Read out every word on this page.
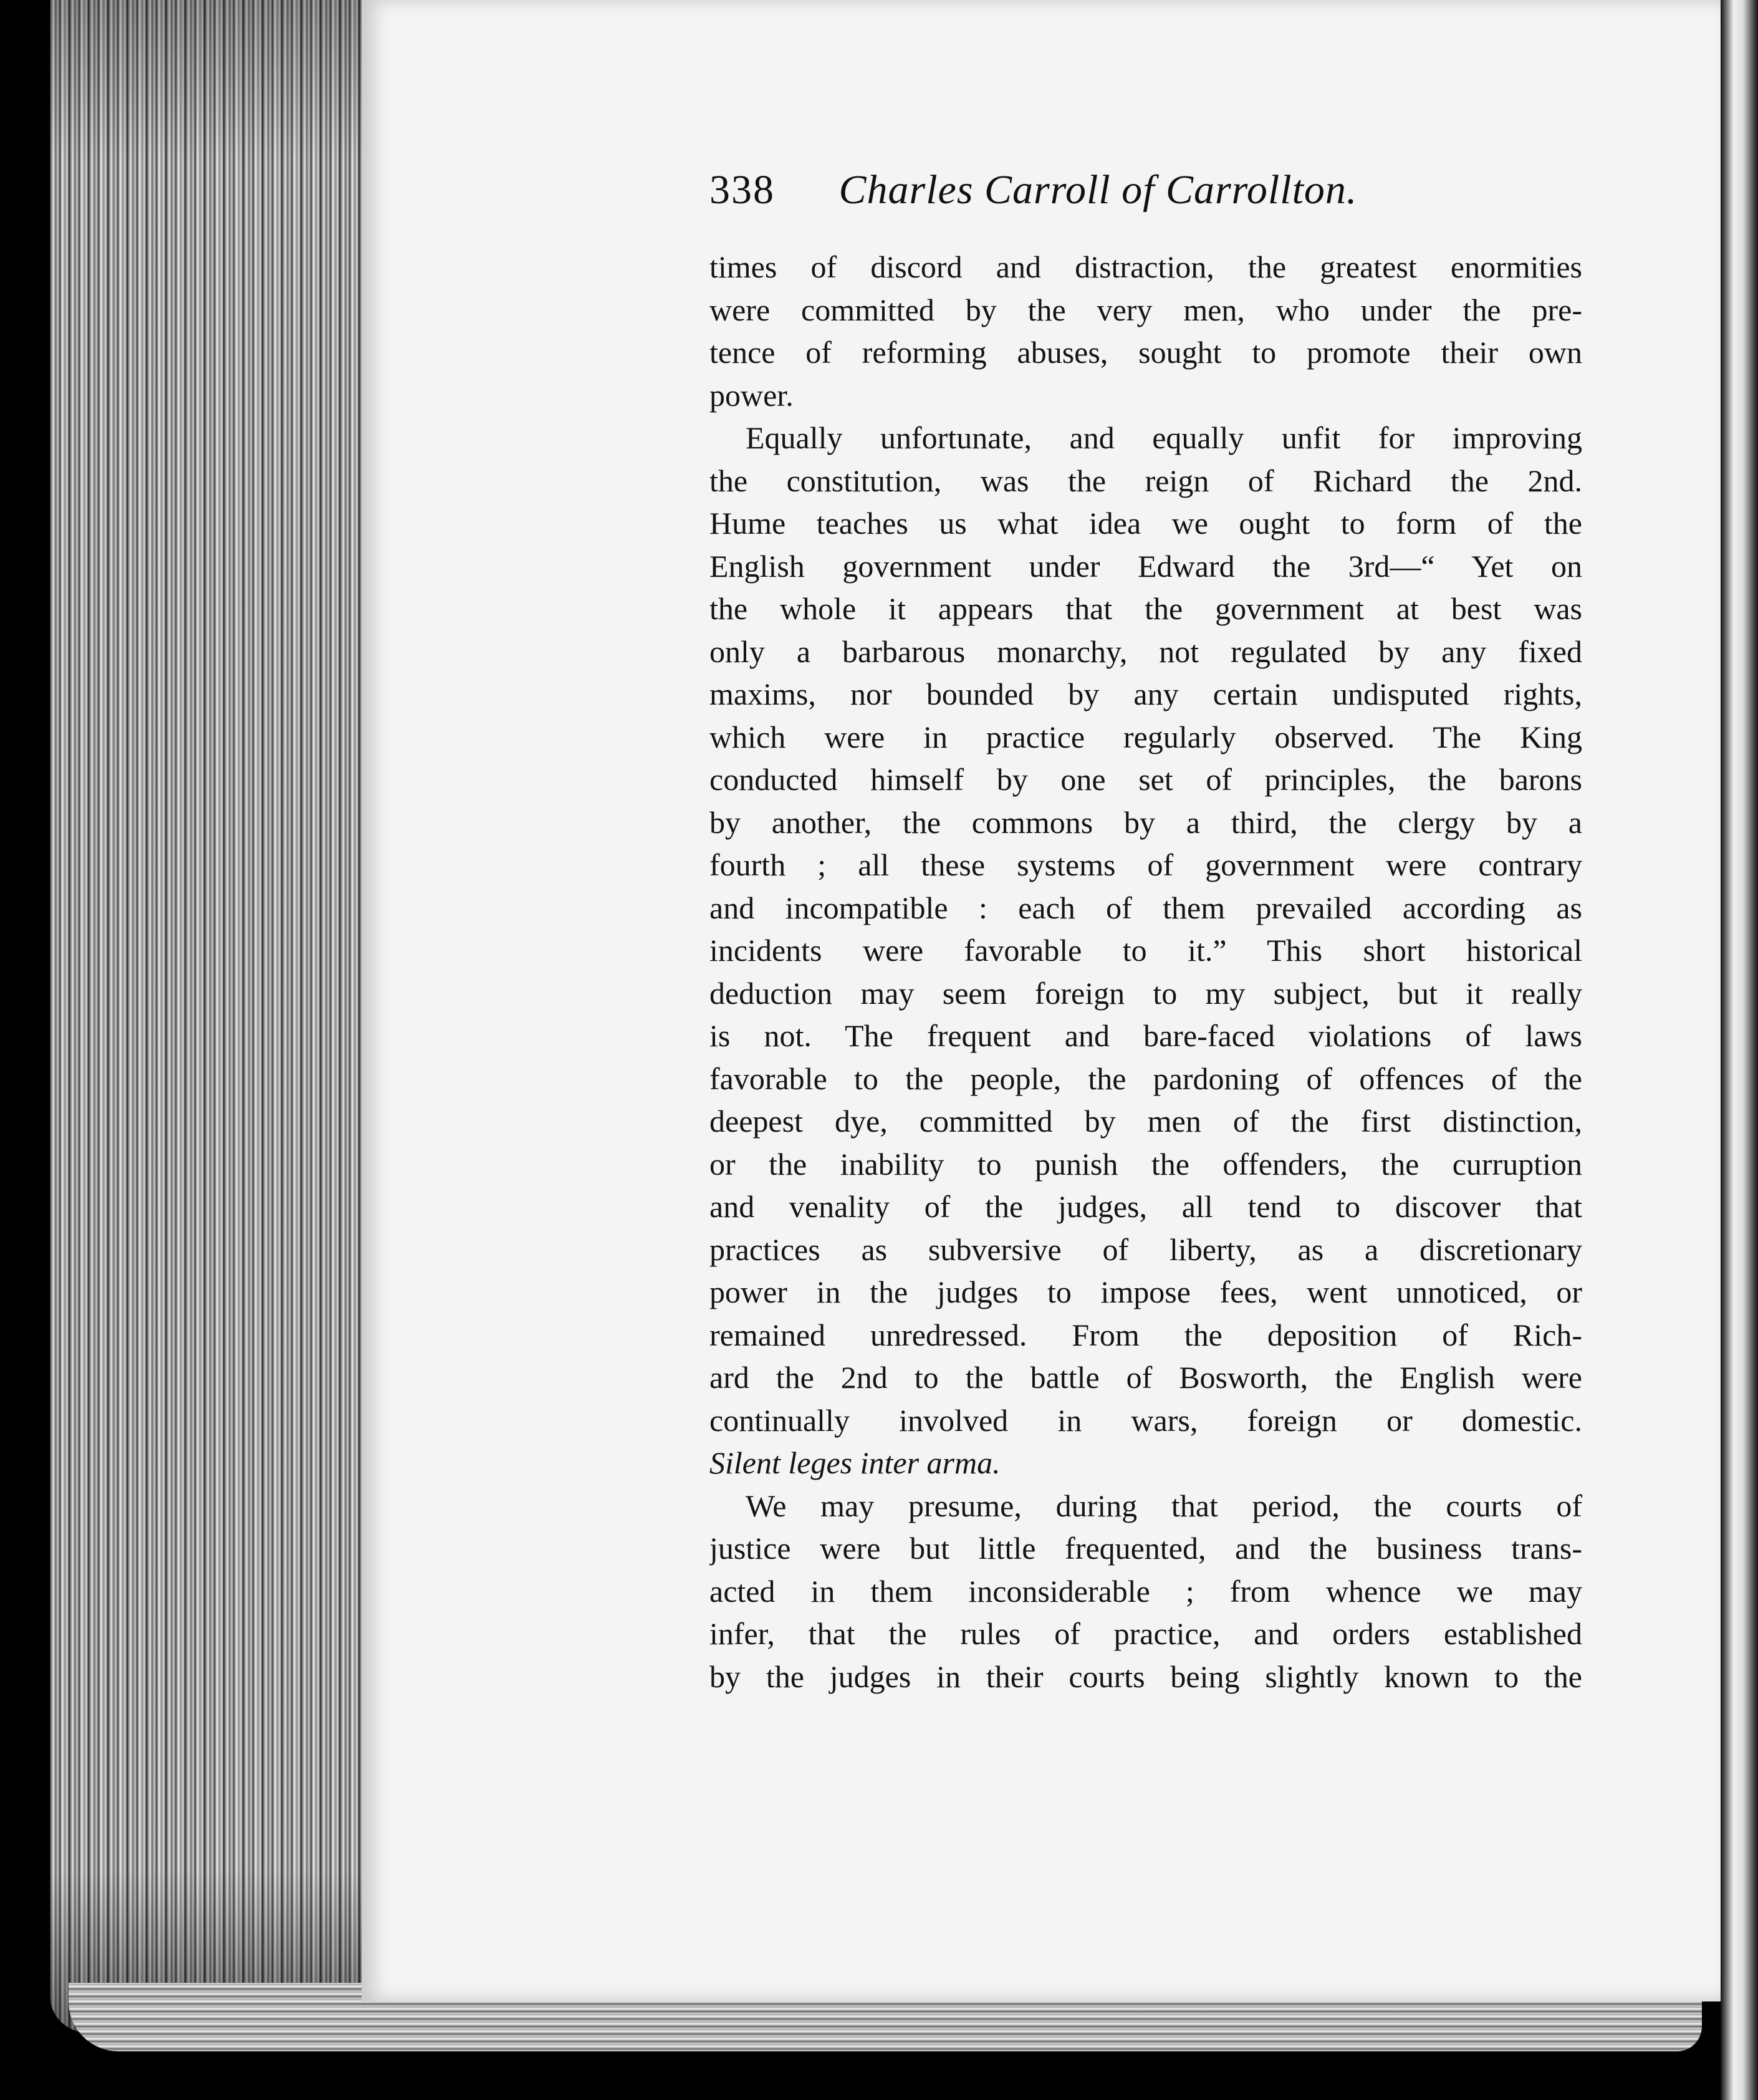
338 Charles Carroll of Carrollton.
times of discord and distraction, the greatest enormities
were committed by the very men, who under the pre-
tence of reforming abuses, sought to promote their own
power.
Equally unfortunate, and equally unfit for improving
the constitution, was the reign of Richard the 2nd.
Hume teaches us what idea we ought to form of the
English government under Edward the 3rd—“ Yet on
the whole it appears that the government at best was
only a barbarous monarchy, not regulated by any fixed
maxims, nor bounded by any certain undisputed rights,
which were in practice regularly observed. The King
conducted himself by one set of principles, the barons
by another, the commons by a third, the clergy by a
fourth ; all these systems of government were contrary
and incompatible : each of them prevailed according as
incidents were favorable to it.” This short historical
deduction may seem foreign to my subject, but it really
is not. The frequent and bare-faced violations of laws
favorable to the people, the pardoning of offences of the
deepest dye, committed by men of the first distinction,
or the inability to punish the offenders, the curruption
and venality of the judges, all tend to discover that
practices as subversive of liberty, as a discretionary
power in the judges to impose fees, went unnoticed, or
remained unredressed. From the deposition of Rich-
ard the 2nd to the battle of Bosworth, the English were
continually involved in wars, foreign or domestic.
Silent leges inter arma.
We may presume, during that period, the courts of
justice were but little frequented, and the business trans-
acted in them inconsiderable ; from whence we may
infer, that the rules of practice, and orders established
by the judges in their courts being slightly known to the
